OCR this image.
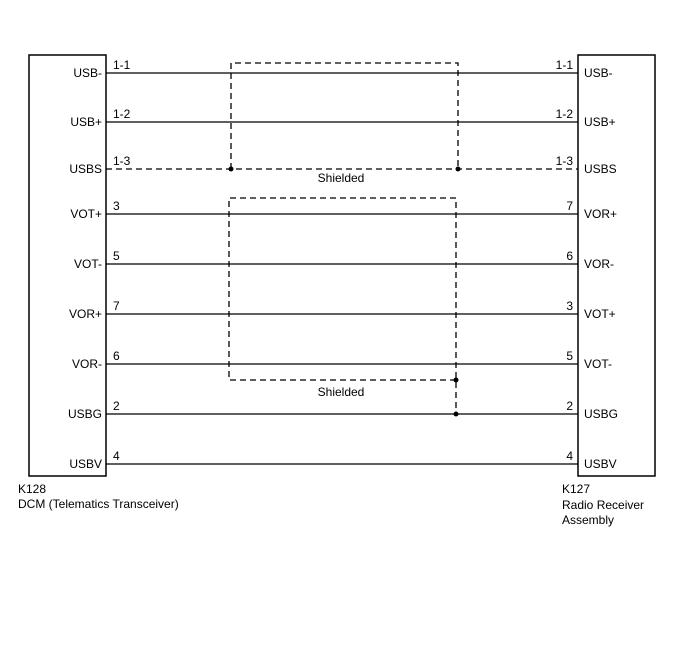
USB-
1-1	1-1
USB-
USB+
1-2	1-2
USB+
USBS
1-3	1-3
USBS
VOT+
3	7
VOR+
VOT-
5	6
VOR-
VOR+
7	3
VOT+
VOR-
6	5
VOT-
USBG
2	2
USBG
USBV
4	4
USBV
Shielded
Shielded
K128
DCM (Telematics Transceiver)
K127
Radio Receiver
Assembly
